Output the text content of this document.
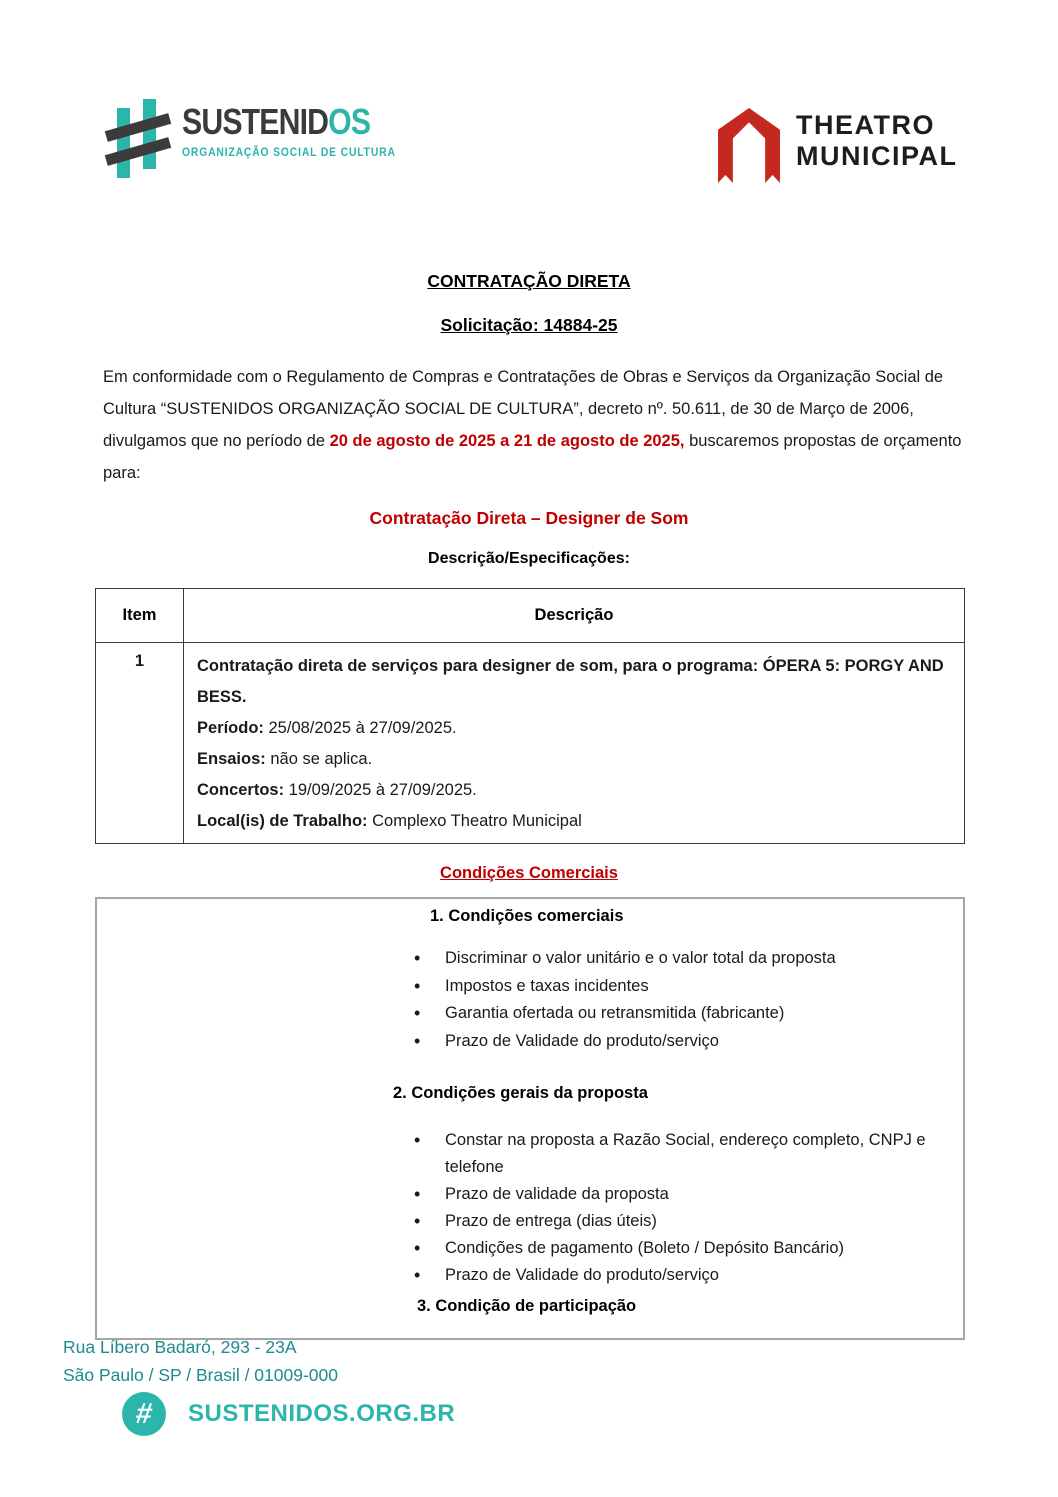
SUSTENIDOS
ORGANIZAÇÃO SOCIAL DE CULTURA
THEATRO
MUNICIPAL
CONTRATAÇÃO DIRETA
Solicitação: 14884-25

Em conformidade com o Regulamento de Compras e Contratações de Obras e Serviços da Organização Social de Cultura “SUSTENIDOS ORGANIZAÇÃO SOCIAL DE CULTURA”, decreto nº. 50.611, de 30 de Março de 2006, divulgamos que no período de 20 de agosto de 2025 a 21 de agosto de 2025, buscaremos propostas de orçamento para:

Contratação Direta – Designer de Som
Descrição/Especificações:
Item	Descrição
1	Contratação direta de serviços para designer de som, para o programa: ÓPERA 5: PORGY AND BESS.
Período: 25/08/2025 à 27/09/2025.
Ensaios: não se aplica.
Concertos: 19/09/2025 à 27/09/2025.
Local(is) de Trabalho: Complexo Theatro Municipal
Condições Comerciais
1. Condições comerciais
• Discriminar o valor unitário e o valor total da proposta
• Impostos e taxas incidentes
• Garantia ofertada ou retransmitida (fabricante)
• Prazo de Validade do produto/serviço
2. Condições gerais da proposta
• Constar na proposta a Razão Social, endereço completo, CNPJ e telefone
• Prazo de validade da proposta
• Prazo de entrega (dias úteis)
• Condições de pagamento (Boleto / Depósito Bancário)
• Prazo de Validade do produto/serviço
3. Condição de participação
Rua Líbero Badaró, 293 - 23A
São Paulo / SP / Brasil / 01009-000
# SUSTENIDOS.ORG.BR
